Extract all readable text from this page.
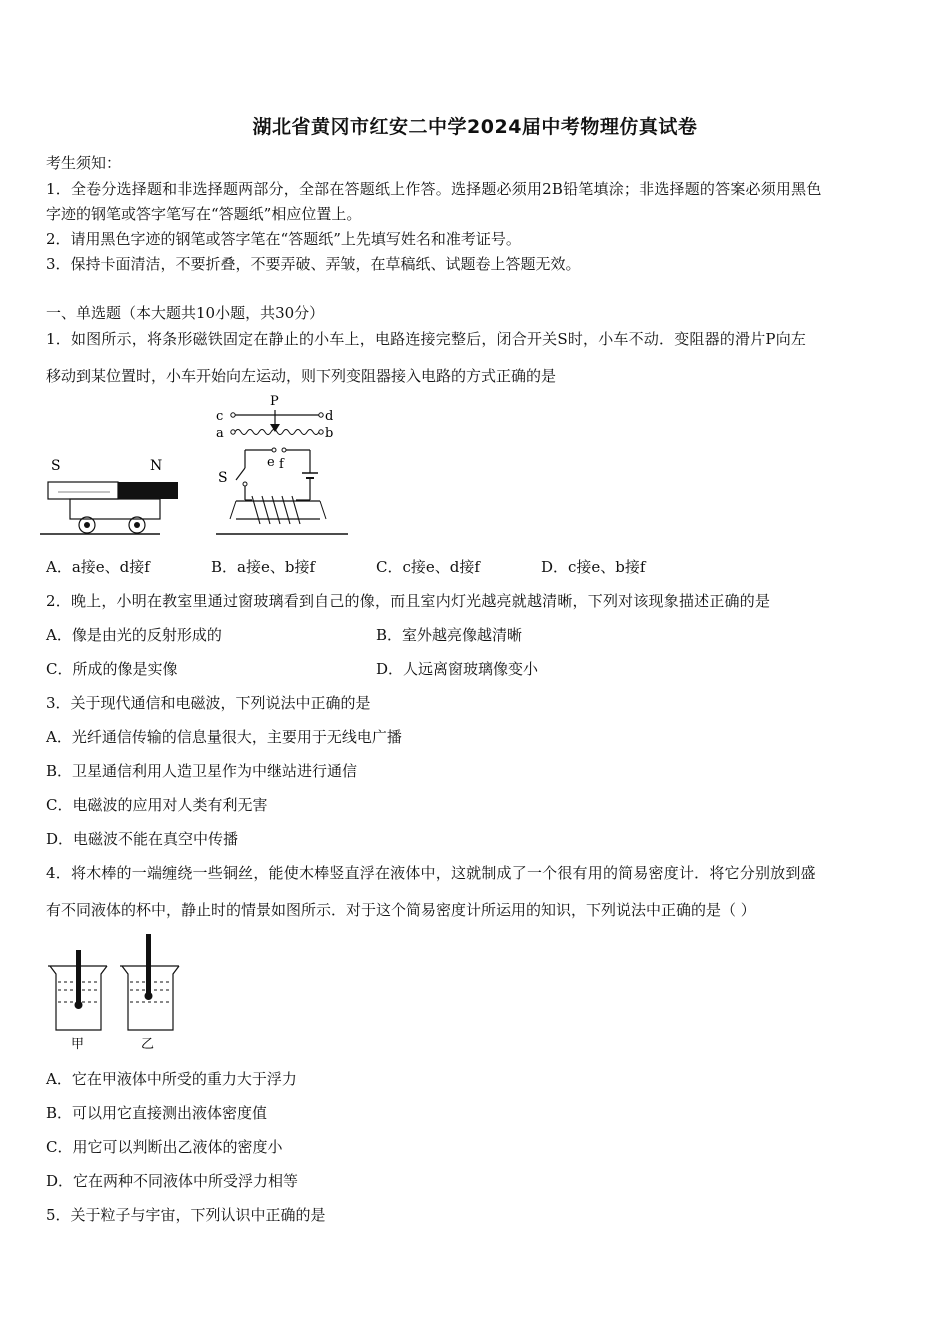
湖北省黄冈市红安二中学2024届中考物理仿真试卷
考生须知：
1．全卷分选择题和非选择题两部分，全部在答题纸上作答。选择题必须用2B铅笔填涂；非选择题的答案必须用黑色
字迹的钢笔或答字笔写在“答题纸”相应位置上。
2．请用黑色字迹的钢笔或答字笔在“答题纸”上先填写姓名和准考证号。
3．保持卡面清洁，不要折叠，不要弄破、弄皱，在草稿纸、试题卷上答题无效。
一、单选题（本大题共10小题，共30分）
1．如图所示，将条形磁铁固定在静止的小车上，电路连接完整后，闭合开关S时，小车不动．变阻器的滑片P向左
移动到某位置时，小车开始向左运动，则下列变阻器接入电路的方式正确的是
c	d
P
a	b
e f
S
S	N
A．a接e、d接f	B．a接e、b接f	C．c接e、d接f	D．c接e、b接f
2．晚上，小明在教室里通过窗玻璃看到自己的像，而且室内灯光越亮就越清晰，下列对该现象描述正确的是
A．像是由光的反射形成的	B．室外越亮像越清晰
C．所成的像是实像	D．人远离窗玻璃像变小
3．关于现代通信和电磁波，下列说法中正确的是
A．光纤通信传输的信息量很大，主要用于无线电广播
B．卫星通信利用人造卫星作为中继站进行通信
C．电磁波的应用对人类有利无害
D．电磁波不能在真空中传播
4．将木棒的一端缠绕一些铜丝，能使木棒竖直浮在液体中，这就制成了一个很有用的简易密度计．将它分别放到盛
有不同液体的杯中，静止时的情景如图所示．对于这个简易密度计所运用的知识，下列说法中正确的是（ ）
甲	乙
A．它在甲液体中所受的重力大于浮力
B．可以用它直接测出液体密度值
C．用它可以判断出乙液体的密度小
D．它在两种不同液体中所受浮力相等
5．关于粒子与宇宙，下列认识中正确的是
